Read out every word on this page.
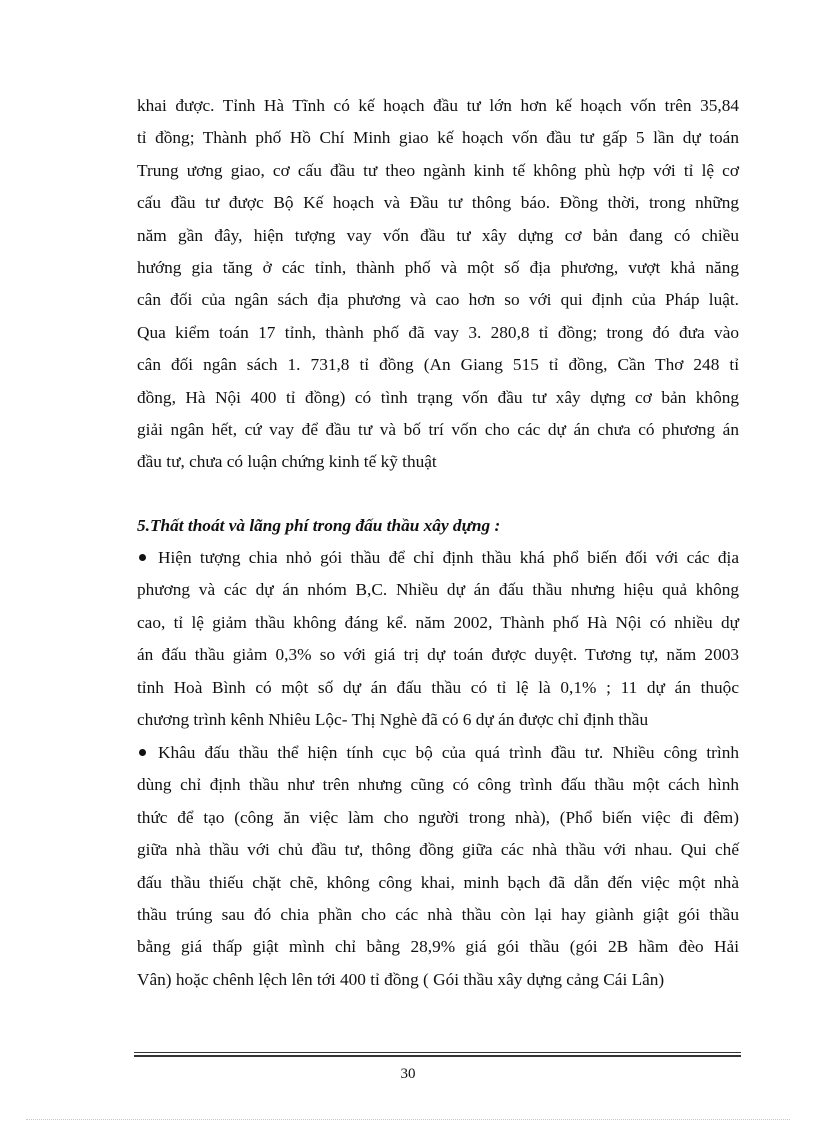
khai được. Tỉnh Hà Tĩnh có kế hoạch đầu tư lớn hơn kế hoạch vốn trên 35,84
tỉ đồng; Thành phố Hồ Chí Minh giao kế hoạch vốn đầu tư gấp 5 lần dự toán
Trung ương giao, cơ cấu đầu tư theo ngành kinh tế không phù hợp với tỉ lệ cơ
cấu đầu tư được Bộ Kế hoạch và Đầu tư thông báo. Đồng thời, trong những
năm gần đây, hiện tượng vay vốn đầu tư xây dựng cơ bản đang có chiều
hướng gia tăng ở các tỉnh, thành phố và một số địa phương, vượt khả năng
cân đối của ngân sách địa phương và cao hơn so với qui định của Pháp luật.
Qua kiểm toán 17 tỉnh, thành phố đã vay 3. 280,8 tỉ đồng; trong đó đưa vào
cân đối ngân sách 1. 731,8 tỉ đồng (An Giang 515 tỉ đồng, Cần Thơ 248 tỉ
đồng, Hà Nội 400 tỉ đồng) có tình trạng vốn đầu tư xây dựng cơ bản không
giải ngân hết, cứ vay để đầu tư và bố trí vốn cho các dự án chưa có phương án
đầu tư, chưa có luận chứng kinh tế kỹ thuật
5.Thất thoát và lãng phí trong đấu thầu xây dựng :
Hiện tượng chia nhỏ gói thầu để chỉ định thầu khá phổ biến đối với các địa
phương và các dự án nhóm B,C. Nhiều dự án đấu thầu nhưng hiệu quả không
cao, tỉ lệ giảm thầu không đáng kể. năm 2002, Thành phố Hà Nội có nhiều dự
án đấu thầu giảm 0,3% so với giá trị dự toán được duyệt. Tương tự, năm 2003
tỉnh Hoà Bình có một số dự án đấu thầu có tỉ lệ là 0,1% ; 11 dự án thuộc
chương trình kênh Nhiêu Lộc- Thị Nghè đã có 6 dự án được chỉ định thầu
Khâu đấu thầu thể hiện tính cục bộ của quá trình đầu tư. Nhiều công trình
dùng chỉ định thầu như trên nhưng cũng có công trình đấu thầu một cách hình
thức để tạo (công ăn việc làm cho người trong nhà), (Phổ biến việc đi đêm)
giữa nhà thầu với chủ đầu tư, thông đồng giữa các nhà thầu với nhau. Qui chế
đấu thầu thiếu chặt chẽ, không công khai, minh bạch đã dẫn đến việc một nhà
thầu trúng sau đó chia phần cho các nhà thầu còn lại hay giành giật gói thầu
bằng giá thấp giật mình chỉ bằng 28,9% giá gói thầu (gói 2B hầm đèo Hải
Vân) hoặc chênh lệch lên tới 400 tỉ đồng ( Gói thầu xây dựng cảng Cái Lân)
30
